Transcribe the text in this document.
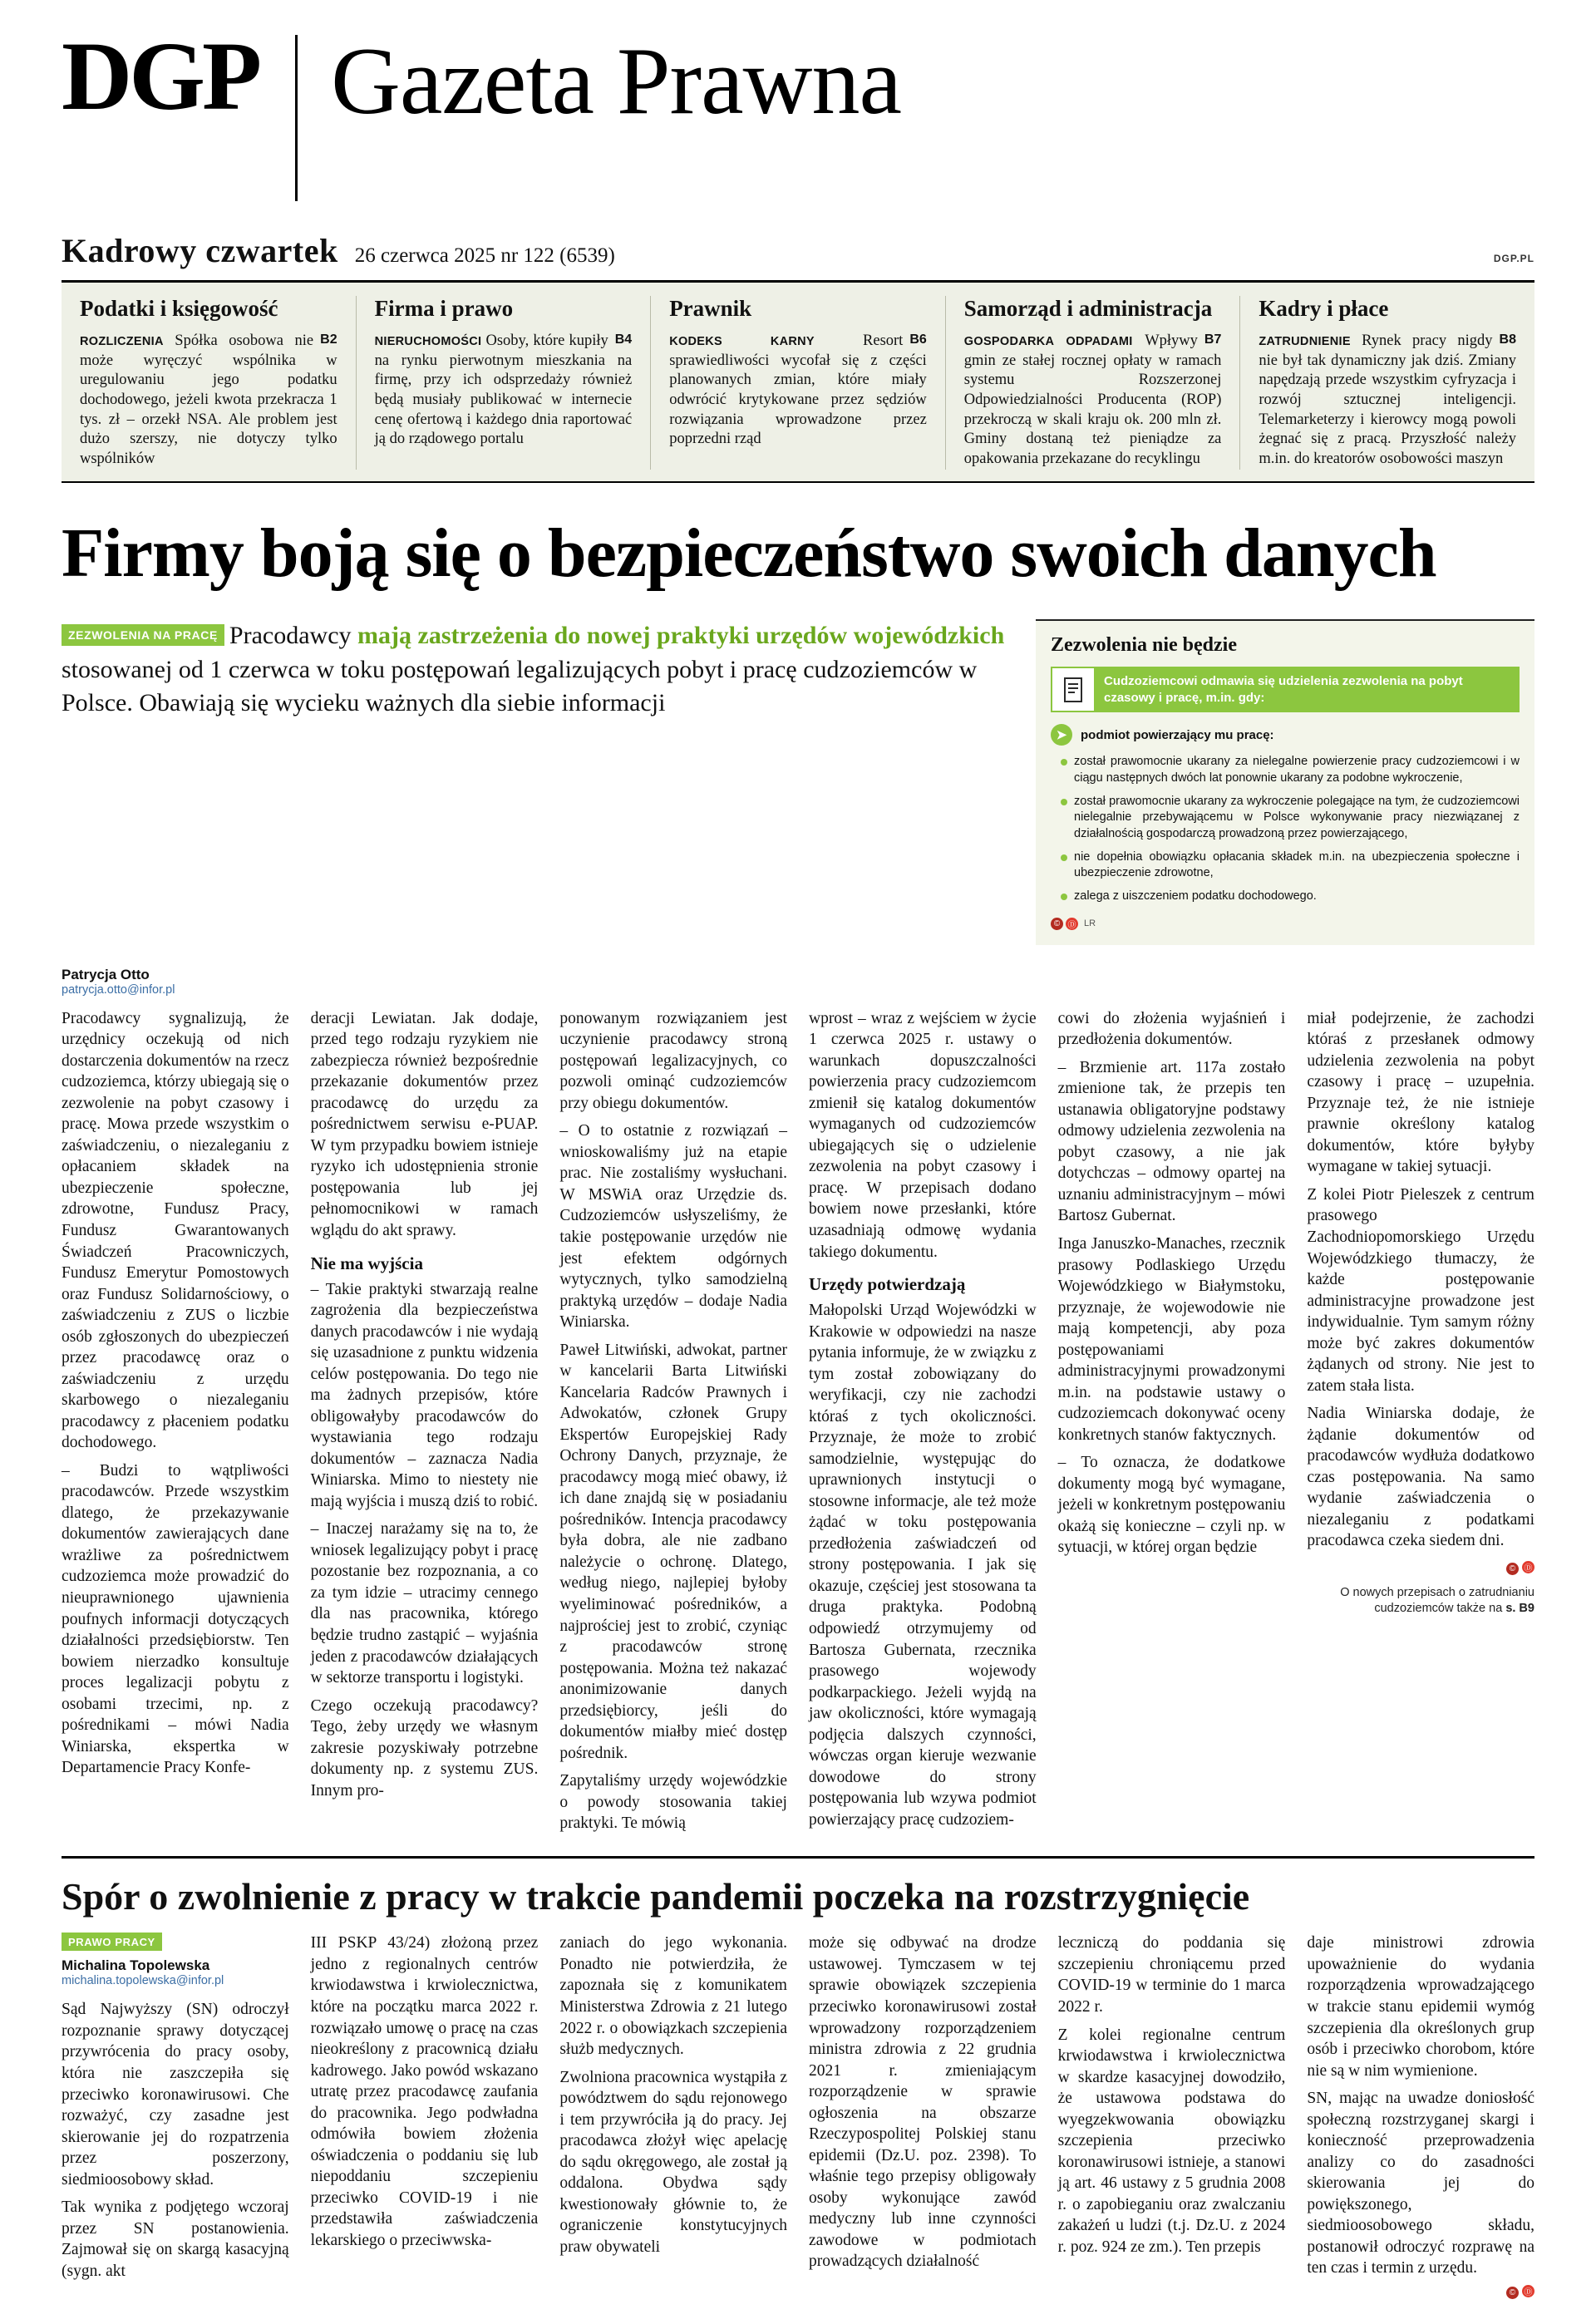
DGP Gazeta Prawna
Kadrowy czwartek 26 czerwca 2025 nr 122 (6539)	DGP.PL
Podatki i księgowość

B2
ROZLICZENIA Spółka osobowa nie może wyręczyć wspólnika w uregulowaniu jego podatku dochodowego, jeżeli kwota przekracza 1 tys. zł – orzekł NSA. Ale problem jest dużo szerszy, nie dotyczy tylko wspólników

Firma i prawo

B4
NIERUCHOMOŚCI Osoby, które kupiły na rynku pierwotnym mieszkania na firmę, przy ich odsprzedaży również będą musiały publikować w internecie cenę ofertową i każdego dnia raportować ją do rządowego portalu

Prawnik

B6
KODEKS KARNY Resort sprawiedliwości wycofał się z części planowanych zmian, które miały odwrócić krytykowane przez sędziów rozwiązania wprowadzone przez poprzedni rząd

Samorząd i administracja

B7
GOSPODARKA ODPADAMI Wpływy gmin ze stałej rocznej opłaty w ramach systemu Rozszerzonej Odpowiedzialności Producenta (ROP) przekroczą w skali kraju ok. 200 mln zł. Gminy dostaną też pieniądze za opakowania przekazane do recyklingu

Kadry i płace

B8
ZATRUDNIENIE Rynek pracy nigdy nie był tak dynamiczny jak dziś. Zmiany napędzają przede wszystkim cyfryzacja i rozwój sztucznej inteligencji. Telemarketerzy i kierowcy mogą powoli żegnać się z pracą. Przyszłość należy m.in. do kreatorów osobowości maszyn

Firmy boją się o bezpieczeństwo swoich danych
ZEZWOLENIA NA PRACĘ Pracodawcy mają zastrzeżenia do nowej praktyki urzędów wojewódzkich stosowanej od 1 czerwca w toku postępowań legalizujących pobyt i pracę cudzoziemców w Polsce. Obawiają się wycieku ważnych dla siebie informacji
Zezwolenia nie będzie

Cudzoziemcowi odmawia się udzielenia zezwolenia na pobyt czasowy i pracę, m.in. gdy:

➤	podmiot powierzający mu pracę:
został prawomocnie ukarany za nielegalne powierzenie pracy cudzoziemcowi i w ciągu następnych dwóch lat ponownie ukarany za podobne wykroczenie,
został prawomocnie ukarany za wykroczenie polegające na tym, że cudzoziemcowi nielegalnie przebywającemu w Polsce wykonywanie pracy niezwiązanej z działalnością gospodarczą prowadzoną przez powierzającego,
nie dopełnia obowiązku opłacania składek m.in. na ubezpieczenia społeczne i ubezpieczenie zdrowotne,
zalega z uiszczeniem podatku dochodowego.
© Ⓓ LR
Patrycja Otto
patrycja.otto@infor.pl

Pracodawcy sygnalizują, że urzędnicy oczekują od nich dostarczenia dokumentów na rzecz cudzoziemca, którzy ubiegają się o zezwolenie na pobyt czasowy i pracę. Mowa przede wszystkim o zaświadczeniu, o niezaleganiu z opłacaniem składek na ubezpieczenie społeczne, zdrowotne, Fundusz Pracy, Fundusz Gwarantowanych Świadczeń Pracowniczych, Fundusz Emerytur Pomostowych oraz Fundusz Solidarnościowy, o zaświadczeniu z ZUS o liczbie osób zgłoszonych do ubezpieczeń przez pracodawcę oraz o zaświadczeniu z urzędu skarbowego o niezaleganiu pracodawcy z płaceniem podatku dochodowego.

– Budzi to wątpliwości pracodawców. Przede wszystkim dlatego, że przekazywanie dokumentów zawierających dane wrażliwe za pośrednictwem cudzoziemca może prowadzić do nieuprawnionego ujawnienia poufnych informacji dotyczących działalności przedsiębiorstw. Ten bowiem nierzadko konsultuje proces legalizacji pobytu z osobami trzecimi, np. z pośrednikami – mówi Nadia Winiarska, ekspertka w Departamencie Pracy Konfe-

deracji Lewiatan. Jak dodaje, przed tego rodzaju ryzykiem nie zabezpiecza również bezpośrednie przekazanie dokumentów przez pracodawcę do urzędu za pośrednictwem serwisu e-PUAP. W tym przypadku bowiem istnieje ryzyko ich udostępnienia stronie postępowania lub jej pełnomocnikowi w ramach wglądu do akt sprawy.

Nie ma wyjścia

– Takie praktyki stwarzają realne zagrożenia dla bezpieczeństwa danych pracodawców i nie wydają się uzasadnione z punktu widzenia celów postępowania. Do tego nie ma żadnych przepisów, które obligowałyby pracodawców do wystawiania tego rodzaju dokumentów – zaznacza Nadia Winiarska. Mimo to niestety nie mają wyjścia i muszą dziś to robić.

– Inaczej narażamy się na to, że wniosek legalizujący pobyt i pracę pozostanie bez rozpoznania, a co za tym idzie – utracimy cennego dla nas pracownika, którego będzie trudno zastąpić – wyjaśnia jeden z pracodawców działających w sektorze transportu i logistyki.

Czego oczekują pracodawcy? Tego, żeby urzędy we własnym zakresie pozyskiwały potrzebne dokumenty np. z systemu ZUS. Innym pro-

ponowanym rozwiązaniem jest uczynienie pracodawcy stroną postępowań legalizacyjnych, co pozwoli ominąć cudzoziemców przy obiegu dokumentów.

– O to ostatnie z rozwiązań – wnioskowaliśmy już na etapie prac. Nie zostaliśmy wysłuchani. W MSWiA oraz Urzędzie ds. Cudzoziemców usłyszeliśmy, że takie postępowanie urzędów nie jest efektem odgórnych wytycznych, tylko samodzielną praktyką urzędów – dodaje Nadia Winiarska.

Paweł Litwiński, adwokat, partner w kancelarii Barta Litwiński Kancelaria Radców Prawnych i Adwokatów, członek Grupy Ekspertów Europejskiej Rady Ochrony Danych, przyznaje, że pracodawcy mogą mieć obawy, iż ich dane znajdą się w posiadaniu pośredników. Intencja pracodawcy była dobra, ale nie zadbano należycie o ochronę. Dlatego, według niego, najlepiej byłoby wyeliminować pośredników, a najprościej jest to zrobić, czyniąc z pracodawców stronę postępowania. Można też nakazać anonimizowanie danych przedsiębiorcy, jeśli do dokumentów miałby mieć dostęp pośrednik.

Zapytaliśmy urzędy wojewódzkie o powody stosowania takiej praktyki. Te mówią

wprost – wraz z wejściem w życie 1 czerwca 2025 r. ustawy o warunkach dopuszczalności powierzenia pracy cudzoziemcom zmienił się katalog dokumentów wymaganych od cudzoziemców ubiegających się o udzielenie zezwolenia na pobyt czasowy i pracę. W przepisach dodano bowiem nowe przesłanki, które uzasadniają odmowę wydania takiego dokumentu.

Urzędy potwierdzają

Małopolski Urząd Wojewódzki w Krakowie w odpowiedzi na nasze pytania informuje, że w związku z tym został zobowiązany do weryfikacji, czy nie zachodzi któraś z tych okoliczności. Przyznaje, że może to zrobić samodzielnie, występując do uprawnionych instytucji o stosowne informacje, ale też może żądać w toku postępowania przedłożenia zaświadczeń od strony postępowania. I jak się okazuje, częściej jest stosowana ta druga praktyka. Podobną odpowiedź otrzymujemy od Bartosza Gubernata, rzecznika prasowego wojewody podkarpackiego. Jeżeli wyjdą na jaw okoliczności, które wymagają podjęcia dalszych czynności, wówczas organ kieruje wezwanie dowodowe do strony postępowania lub wzywa podmiot powierzający pracę cudzoziem-

cowi do złożenia wyjaśnień i przedłożenia dokumentów.

– Brzmienie art. 117a zostało zmienione tak, że przepis ten ustanawia obligatoryjne podstawy odmowy udzielenia zezwolenia na pobyt czasowy, a nie jak dotychczas – odmowy opartej na uznaniu administracyjnym – mówi Bartosz Gubernat.

Inga Januszko-Manaches, rzecznik prasowy Podlaskiego Urzędu Wojewódzkiego w Białymstoku, przyznaje, że wojewodowie nie mają kompetencji, aby poza postępowaniami administracyjnymi prowadzonymi m.in. na podstawie ustawy o cudzoziemcach dokonywać oceny konkretnych stanów faktycznych.

– To oznacza, że dodatkowe dokumenty mogą być wymagane, jeżeli w konkretnym postępowaniu okażą się konieczne – czyli np. w sytuacji, w której organ będzie

miał podejrzenie, że zachodzi któraś z przesłanek odmowy udzielenia zezwolenia na pobyt czasowy i pracę – uzupełnia. Przyznaje też, że nie istnieje prawnie określony katalog dokumentów, które byłyby wymagane w takiej sytuacji.

Z kolei Piotr Pieleszek z centrum prasowego Zachodniopomorskiego Urzędu Wojewódzkiego tłumaczy, że każde postępowanie administracyjne prowadzone jest indywidualnie. Tym samym różny może być zakres dokumentów żądanych od strony. Nie jest to zatem stała lista.

Nadia Winiarska dodaje, że żądanie dokumentów od pracodawców wydłuża dodatkowo czas postępowania. Na samo wydanie zaświadczenia o niezaleganiu z podatkami pracodawca czeka siedem dni.

© Ⓓ
O nowych przepisach o zatrudnianiu cudzoziemców także na s. B9
Spór o zwolnienie z pracy w trakcie pandemii poczeka na rozstrzygnięcie
PRAWO PRACY
Michalina Topolewska
michalina.topolewska@infor.pl

Sąd Najwyższy (SN) odroczył rozpoznanie sprawy dotyczącej przywrócenia do pracy osoby, która nie zaszczepiła się przeciwko koronawirusowi. Che rozważyć, czy zasadne jest skierowanie jej do rozpatrzenia przez poszerzony, siedmioosobowy skład.

Tak wynika z podjętego wczoraj przez SN postanowienia. Zajmował się on skargą kasacyjną (sygn. akt

III PSKP 43/24) złożoną przez jedno z regionalnych centrów krwiodawstwa i krwiolecznictwa, które na początku marca 2022 r. rozwiązało umowę o pracę na czas nieokreślony z pracownicą działu kadrowego. Jako powód wskazano utratę przez pracodawcę zaufania do pracownika. Jego podwładna odmówiła bowiem złożenia oświadczenia o poddaniu się lub niepoddaniu szczepieniu przeciwko COVID-19 i nie przedstawiła zaświadczenia lekarskiego o przeciwwska-

zaniach do jego wykonania. Ponadto nie potwierdziła, że zapoznała się z komunikatem Ministerstwa Zdrowia z 21 lutego 2022 r. o obowiązkach szczepienia służb medycznych.

Zwolniona pracownica wystąpiła z powództwem do sądu rejonowego i tem przywróciła ją do pracy. Jej pracodawca złożył więc apelację do sądu okręgowego, ale został ją oddalona. Obydwa sądy kwestionowały głównie to, że ograniczenie konstytucyjnych praw obywateli

może się odbywać na drodze ustawowej. Tymczasem w tej sprawie obowiązek szczepienia przeciwko koronawirusowi został wprowadzony rozporządzeniem ministra zdrowia z 22 grudnia 2021 r. zmieniającym rozporządzenie w sprawie ogłoszenia na obszarze Rzeczypospolitej Polskiej stanu epidemii (Dz.U. poz. 2398). To właśnie tego przepisy obligowały osoby wykonujące zawód medyczny lub inne czynności zawodowe w podmiotach prowadzących działalność

leczniczą do poddania się szczepieniu chroniącemu przed COVID-19 w terminie do 1 marca 2022 r.

Z kolei regionalne centrum krwiodawstwa i krwiolecznictwa w skardze kasacyjnej dowodziło, że ustawowa podstawa do wyegzekwowania obowiązku szczepienia przeciwko koronawirusowi istnieje, a stanowi ją art. 46 ustawy z 5 grudnia 2008 r. o zapobieganiu oraz zwalczaniu zakażeń u ludzi (t.j. Dz.U. z 2024 r. poz. 924 ze zm.). Ten przepis

daje ministrowi zdrowia upoważnienie do wydania rozporządzenia wprowadzającego w trakcie stanu epidemii wymóg szczepienia dla określonych grup osób i przeciwko chorobom, które nie są w nim wymienione.

SN, mając na uwadze doniosłość społeczną rozstrzyganej skargi i konieczność przeprowadzenia analizy co do zasadności skierowania jej do powiększonego, siedmioosobowego składu, postanowił odroczyć rozprawę na ten czas i termin z urzędu.

© Ⓓ
